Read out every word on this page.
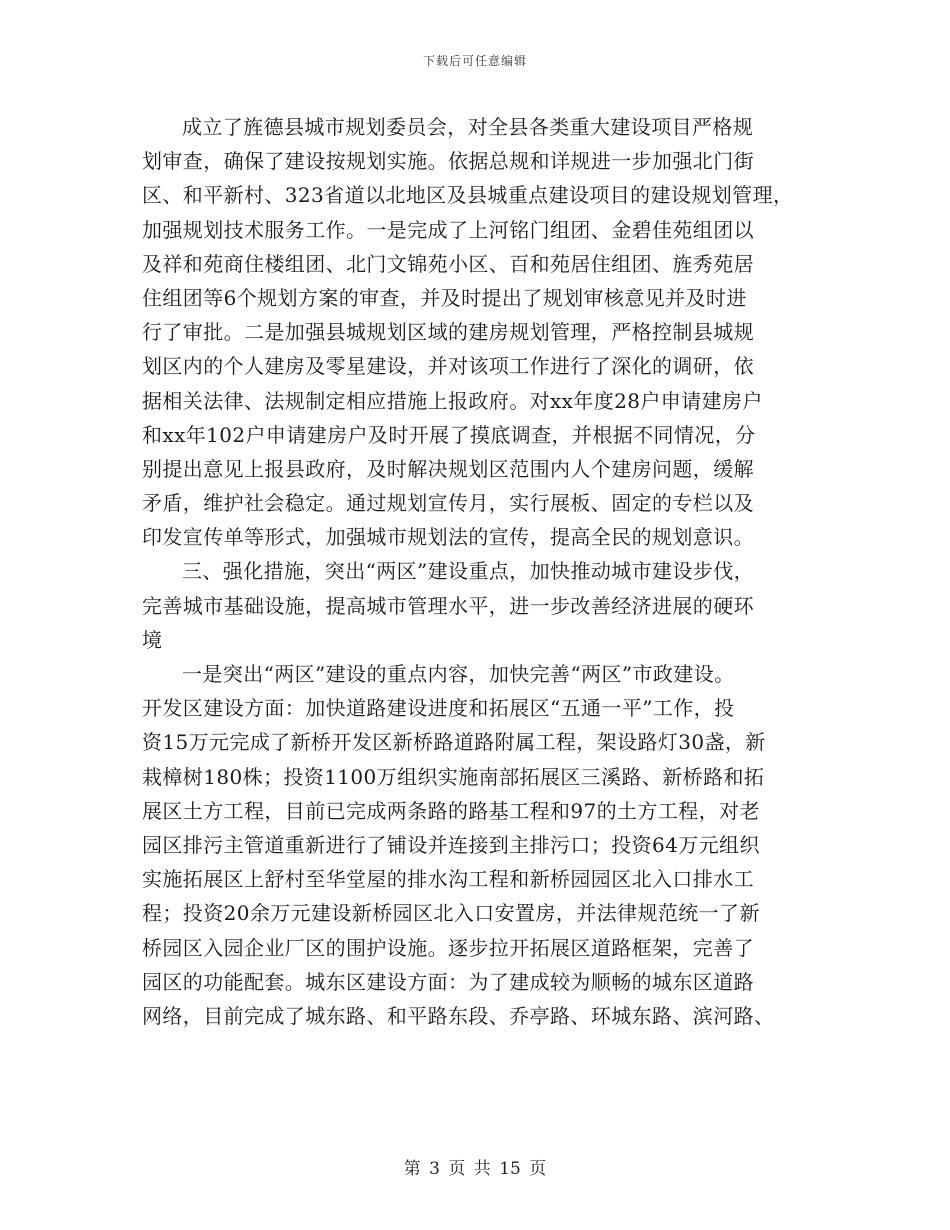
下载后可任意编辑
成立了旌德县城市规划委员会，对全县各类重大建设项目严格规
划审查，确保了建设按规划实施。依据总规和详规进一步加强北门街
区、和平新村、323省道以北地区及县城重点建设项目的建设规划管理，
加强规划技术服务工作。一是完成了上河铭门组团、金碧佳苑组团以
及祥和苑商住楼组团、北门文锦苑小区、百和苑居住组团、旌秀苑居
住组团等6个规划方案的审查，并及时提出了规划审核意见并及时进
行了审批。二是加强县城规划区域的建房规划管理，严格控制县城规
划区内的个人建房及零星建设，并对该项工作进行了深化的调研，依
据相关法律、法规制定相应措施上报政府。对xx年度28户申请建房户
和xx年102户申请建房户及时开展了摸底调查，并根据不同情况，分
别提出意见上报县政府，及时解决规划区范围内人个建房问题，缓解
矛盾，维护社会稳定。通过规划宣传月，实行展板、固定的专栏以及
印发宣传单等形式，加强城市规划法的宣传，提高全民的规划意识。
三、强化措施，突出“两区”建设重点，加快推动城市建设步伐，
完善城市基础设施，提高城市管理水平，进一步改善经济进展的硬环
境
一是突出“两区”建设的重点内容，加快完善“两区”市政建设。
开发区建设方面：加快道路建设进度和拓展区“五通一平”工作，投
资15万元完成了新桥开发区新桥路道路附属工程，架设路灯30盏，新
栽樟树180株；投资1100万组织实施南部拓展区三溪路、新桥路和拓
展区土方工程，目前已完成两条路的路基工程和97的土方工程，对老
园区排污主管道重新进行了铺设并连接到主排污口；投资64万元组织
实施拓展区上舒村至华堂屋的排水沟工程和新桥园园区北入口排水工
程；投资20余万元建设新桥园区北入口安置房，并法律规范统一了新
桥园区入园企业厂区的围护设施。逐步拉开拓展区道路框架，完善了
园区的功能配套。城东区建设方面：为了建成较为顺畅的城东区道路
网络，目前完成了城东路、和平路东段、乔亭路、环城东路、滨河路、
第 3 页 共 15 页
